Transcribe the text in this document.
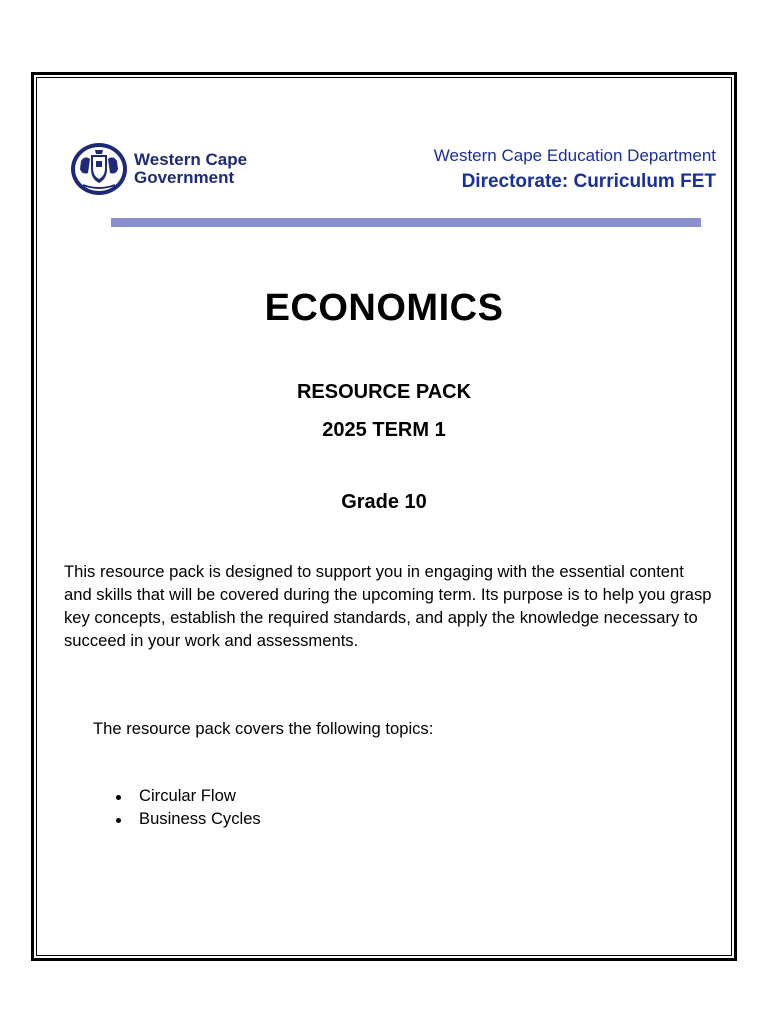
Western Cape
Government
Western Cape Education Department
Directorate: Curriculum FET
ECONOMICS
RESOURCE PACK
2025 TERM 1
Grade 10

This resource pack is designed to support you in engaging with the essential content and skills that will be covered during the upcoming term. Its purpose is to help you grasp key concepts, establish the required standards, and apply the knowledge necessary to succeed in your work and assessments.

The resource pack covers the following topics:

Circular Flow
Business Cycles
